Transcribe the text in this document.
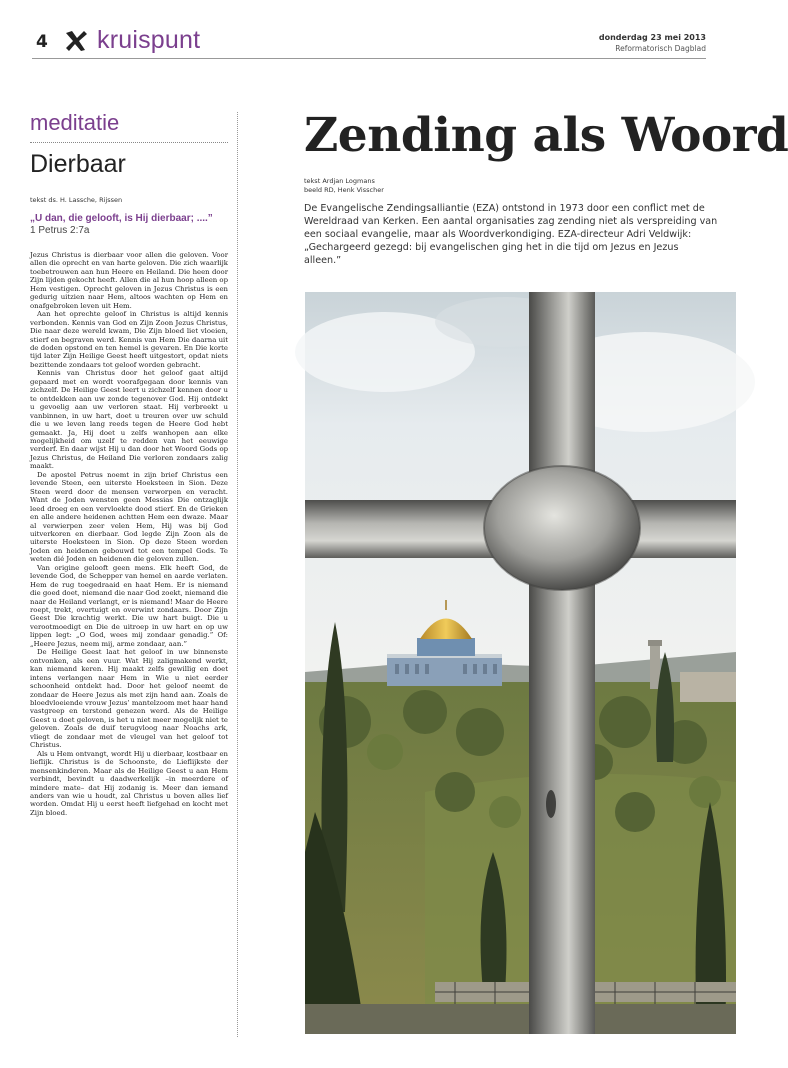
4 kruispunt	donderdag 23 mei 2013
Reformatorisch Dagblad
meditatie
Dierbaar
tekst ds. H. Lassche, Rijssen
„U dan, die gelooft, is Hij dierbaar; ....”
1 Petrus 2:7a

Jezus Christus is dierbaar voor allen die geloven. Voor allen die oprecht en van harte geloven. Die zich waarlijk toebetrouwen aan hun Heere en Heiland. Die heen door Zijn lijden gekocht heeft. Allen die al hun hoop alleen op Hem vestigen. Oprecht geloven in Jezus Christus is een gedurig uitzien naar Hem, altoos wachten op Hem en onafgebroken leven uit Hem.

Aan het oprechte geloof in Christus is altijd kennis verbonden. Kennis van God en Zijn Zoon Jezus Christus, Die naar deze wereld kwam, Die Zijn bloed liet vloeien, stierf en begraven werd. Kennis van Hem Die daarna uit de doden opstond en ten hemel is gevaren. En Die korte tijd later Zijn Heilige Geest heeft uitgestort, opdat niets bezittende zondaars tot geloof worden gebracht.

Kennis van Christus door het geloof gaat altijd gepaard met en wordt voorafgegaan door kennis van zichzelf. De Heilige Geest leert u zichzelf kennen door u te ontdekken aan uw zonde tegenover God. Hij ontdekt u gevoelig aan uw verloren staat. Hij verbreekt u vanbinnen, in uw hart, doet u treuren over uw schuld die u we leven lang reeds tegen de Heere God hebt gemaakt. Ja, Hij doet u zelfs wanhopen aan elke mogelijkheid om uzelf te redden van het eeuwige verderf. En daar wijst Hij u dan door het Woord Gods op Jezus Christus, de Heiland Die verloren zondaars zalig maakt.

De apostel Petrus noemt in zijn brief Christus een levende Steen, een uiterste Hoeksteen in Sion. Deze Steen werd door de mensen verworpen en veracht. Want de Joden wensten geen Messias Die ontzaglijk leed droeg en een vervloekte dood stierf. En de Grieken en alle andere heidenen achtten Hem een dwaze. Maar al verwierpen zeer velen Hem, Hij was bij God uitverkoren en dierbaar. God legde Zijn Zoon als de uiterste Hoeksteen in Sion. Op deze Steen worden Joden en heidenen gebouwd tot een tempel Gods. Te weten dié Joden en heidenen die geloven zullen.

Van origine gelooft geen mens. Elk heeft God, de levende God, de Schepper van hemel en aarde verlaten. Hem de rug toegedraaid en haat Hem. Er is niemand die goed doet, niemand die naar God zoekt, niemand die naar de Heiland verlangt, er is niemand! Maar de Heere roept, trekt, overtuigt en overwint zondaars. Door Zijn Geest Die krachtig werkt. Die uw hart buigt. Die u verootmoedigt en Die de uitroep in uw hart en op uw lippen legt: „O God, wees mij zondaar genadig.” Of: „Heere Jezus, neem mij, arme zondaar, aan.”

De Heilige Geest laat het geloof in uw binnenste ontvonken, als een vuur. Wat Hij zaligmakend werkt, kan niemand keren. Hij maakt zelfs gewillig en doet intens verlangen naar Hem in Wie u niet eerder schoonheid ontdekt had. Door het geloof neemt de zondaar de Heere Jezus als met zijn hand aan. Zoals de bloedvloeiende vrouw Jezus’ mantelzoom met haar hand vastgreep en terstond genezen werd. Als de Heilige Geest u doet geloven, is het u niet meer mogelijk niet te geloven. Zoals de duif terugvloog naar Noachs ark, vliegt de zondaar met de vleugel van het geloof tot Christus.

Als u Hem ontvangt, wordt Hij u dierbaar, kostbaar en lieflijk. Christus is de Schoonste, de Lieflijkste der mensenkinderen. Maar als de Heilige Geest u aan Hem verbindt, bevindt u daadwerkelijk –in meerdere of mindere mate– dat Hij zodanig is. Meer dan iemand anders van wie u houdt, zal Christus u boven alles lief worden. Omdat Hij u eerst heeft liefgehad en kocht met Zijn bloed.

Zending als Woord
tekst Ardjan Logmans
beeld RD, Henk Visscher
De Evangelische Zendingsalliantie (EZA) ontstond in 1973 door een conflict met de Wereldraad van Kerken. Een aantal organisaties zag zending niet als verspreiding van een sociaal evangelie, maar als Woordverkondiging. EZA-directeur Adri Veldwijk: „Gechargeerd gezegd: bij evangelischen ging het in die tijd om Jezus en Jezus alleen.”
